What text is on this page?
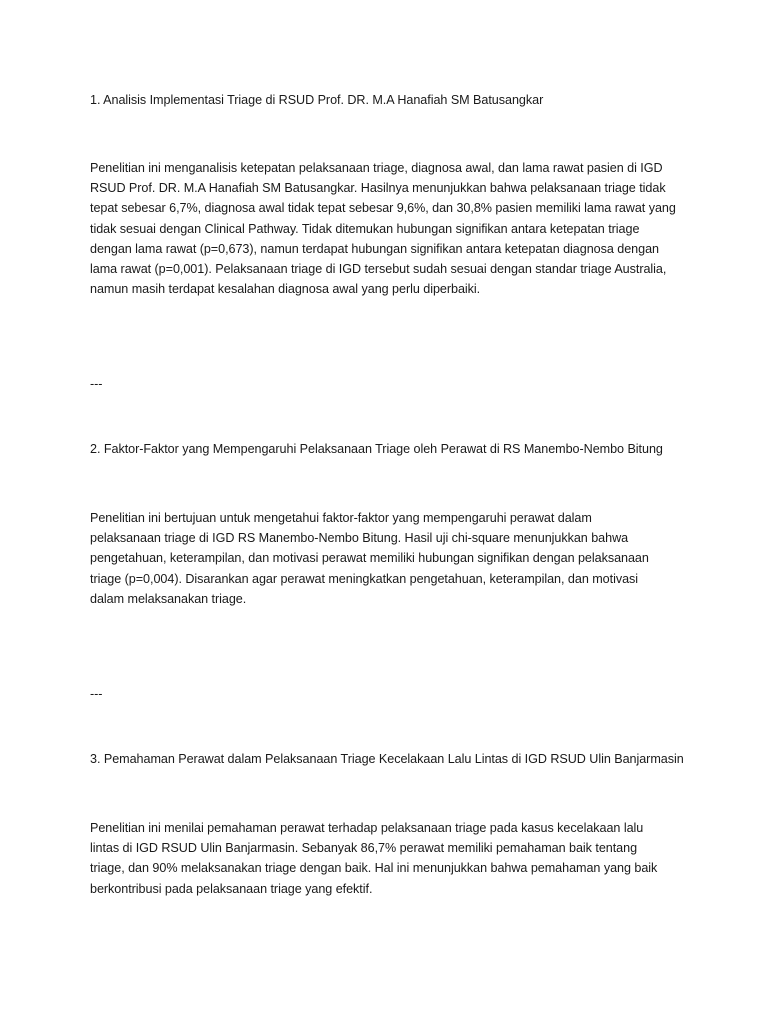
1. Analisis Implementasi Triage di RSUD Prof. DR. M.A Hanafiah SM Batusangkar

Penelitian ini menganalisis ketepatan pelaksanaan triage, diagnosa awal, dan lama rawat pasien di IGD
RSUD Prof. DR. M.A Hanafiah SM Batusangkar. Hasilnya menunjukkan bahwa pelaksanaan triage tidak
tepat sebesar 6,7%, diagnosa awal tidak tepat sebesar 9,6%, dan 30,8% pasien memiliki lama rawat yang
tidak sesuai dengan Clinical Pathway. Tidak ditemukan hubungan signifikan antara ketepatan triage
dengan lama rawat (p=0,673), namun terdapat hubungan signifikan antara ketepatan diagnosa dengan
lama rawat (p=0,001). Pelaksanaan triage di IGD tersebut sudah sesuai dengan standar triage Australia,
namun masih terdapat kesalahan diagnosa awal yang perlu diperbaiki.

---

2. Faktor-Faktor yang Mempengaruhi Pelaksanaan Triage oleh Perawat di RS Manembo-Nembo Bitung

Penelitian ini bertujuan untuk mengetahui faktor-faktor yang mempengaruhi perawat dalam
pelaksanaan triage di IGD RS Manembo-Nembo Bitung. Hasil uji chi-square menunjukkan bahwa
pengetahuan, keterampilan, dan motivasi perawat memiliki hubungan signifikan dengan pelaksanaan
triage (p=0,004). Disarankan agar perawat meningkatkan pengetahuan, keterampilan, dan motivasi
dalam melaksanakan triage.

---

3. Pemahaman Perawat dalam Pelaksanaan Triage Kecelakaan Lalu Lintas di IGD RSUD Ulin Banjarmasin

Penelitian ini menilai pemahaman perawat terhadap pelaksanaan triage pada kasus kecelakaan lalu
lintas di IGD RSUD Ulin Banjarmasin. Sebanyak 86,7% perawat memiliki pemahaman baik tentang
triage, dan 90% melaksanakan triage dengan baik. Hal ini menunjukkan bahwa pemahaman yang baik
berkontribusi pada pelaksanaan triage yang efektif.
